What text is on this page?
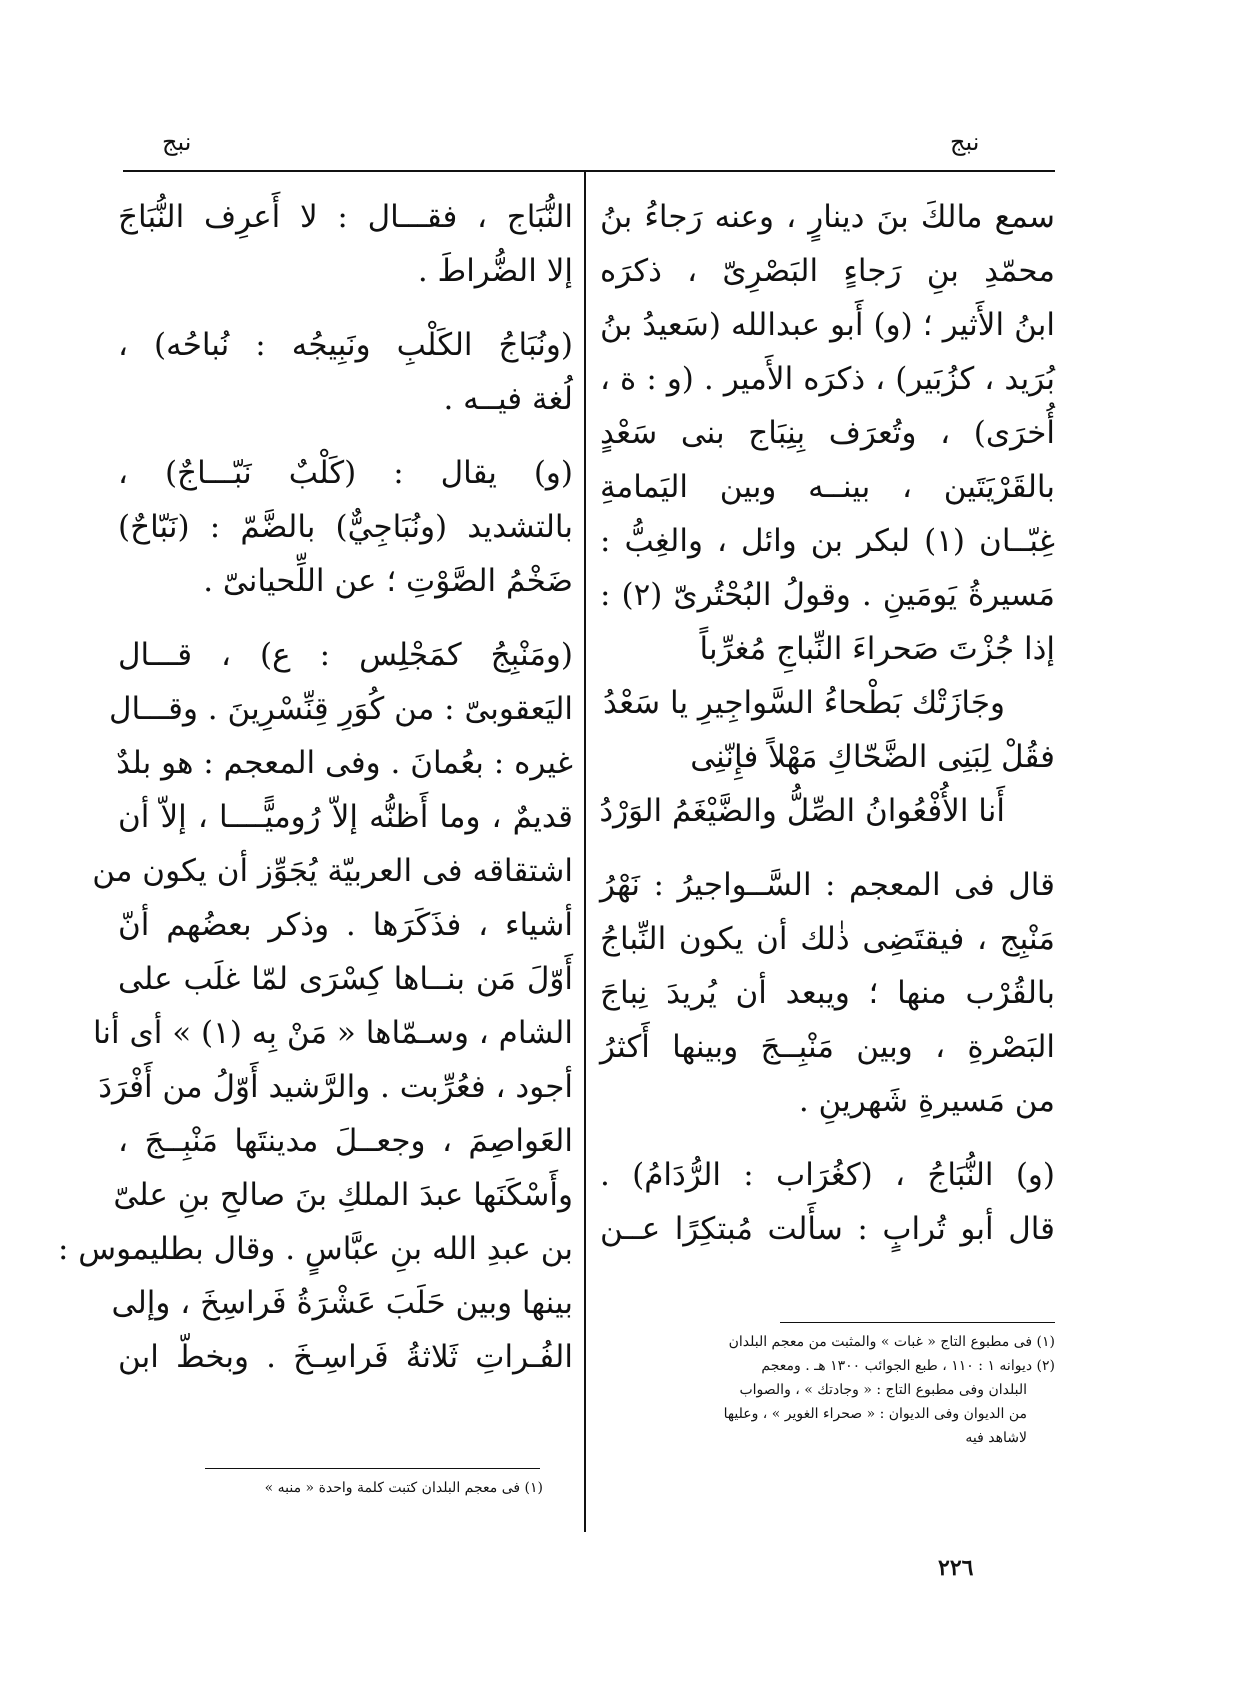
نبج
نبج
سمع مالكَ بنَ دينارٍ ، وعنه رَجاءُ بنُ
محمّدِ بنِ رَجاءٍ البَصْرِىّ ، ذكرَه
ابنُ الأَثير ؛ (و) أَبو عبدالله (سَعيدُ بنُ
بُرَيد ، كزُبَير) ، ذكرَه الأَمير . (و : ة ،
أُخرَى) ، وتُعرَف بِنِبَاج بنى سَعْدٍ
بالقَرْيَتَين ، بينــه وبين اليَمامةِ
غِبّــان (١) لبكر بن وائل ، والغِبُّ :
مَسيرةُ يَومَينِ . وقولُ البُحْتُرىّ (٢) :
إذا جُزْتَ صَحراءَ النِّباجِ مُغرِّباً
وجَازَتْك بَطْحاءُ السَّواجِيرِ يا سَعْدُ
فقُلْ لِبَنِى الضَّحّاكِ مَهْلاً فإِنّنِى
أَنا الأُفْعُوانُ الصِّلُّ والضَّيْغَمُ الوَرْدُ
قال فى المعجم : السَّــواجيرُ : نَهْرُ
مَنْبِج ، فيقتَضِى ذٰلك أن يكون النِّباجُ
بالقُرْب منها ؛ ويبعد أن يُريدَ نِباجَ
البَصْرةِ ، وبين مَنْبِــجَ وبينها أَكثرُ
من مَسيرةِ شَهرينِ .
(و) النُّبَاجُ ، (كغُرَاب : الرُّدَامُ) .
قال أبو تُرابٍ : سأَلت مُبتكِرًا عــن
(١) فى مطبوع التاج « غبات » والمثبت من معجم البلدان
(٢) ديوانه ١ : ١١٠ ، طبع الجوائب ١٣٠٠ هـ . ومعجم
البلدان وفى مطبوع التاج : « وجادتك » ، والصواب
من الديوان وفى الديوان : « صحراء الغوير » ، وعليها
لاشاهد فيه
النُّبَاج ، فقـــال : لا أَعرِف النُّبَاجَ
إلا الضُّراطَ .
(ونُبَاجُ الكَلْبِ ونَبِيجُه : نُباحُه) ،
لُغة فيــه .
(و) يقال : (كَلْبٌ نَبّـــاجٌ) ،
بالتشديد (ونُبَاجِيٌّ) بالضَّمّ : (نَبّاحٌ)
ضَخْمُ الصَّوْتِ ؛ عن اللِّحيانىّ .
(ومَنْبِجُ كمَجْلِس : ع) ، قـــال
اليَعقوبىّ : من كُوَرِ قِنِّسْرِينَ . وقـــال
غيره : بعُمانَ . وفى المعجم : هو بلدٌ
قديمٌ ، وما أَظنُّه إلاّ رُوميًّــــا ، إلاّ أن
اشتقاقه فى العربيّة يُجَوِّز أن يكون من
أشياء ، فذَكَرَها . وذكر بعضُهم أنّ
أَوّلَ مَن بنــاها كِسْرَى لمّا غلَب على
الشام ، وسـمّاها « مَنْ بِه (١) » أى أنا
أجود ، فعُرِّبت . والرَّشيد أَوّلُ من أَفْرَدَ
العَواصِمَ ، وجعــلَ مدينتَها مَنْبِــجَ ،
وأَسْكَنَها عبدَ الملكِ بنَ صالحِ بنِ علىّ
بن عبدِ الله بنِ عبَّاسٍ . وقال بطليموس :
بينها وبين حَلَبَ عَشْرَةُ فَراسِخَ ، وإلى
الفُـراتِ ثَلاثةُ فَراسِـخَ . وبخطّ ابن
(١) فى معجم البلدان كتبت كلمة واحدة « منبه »
٢٢٦
